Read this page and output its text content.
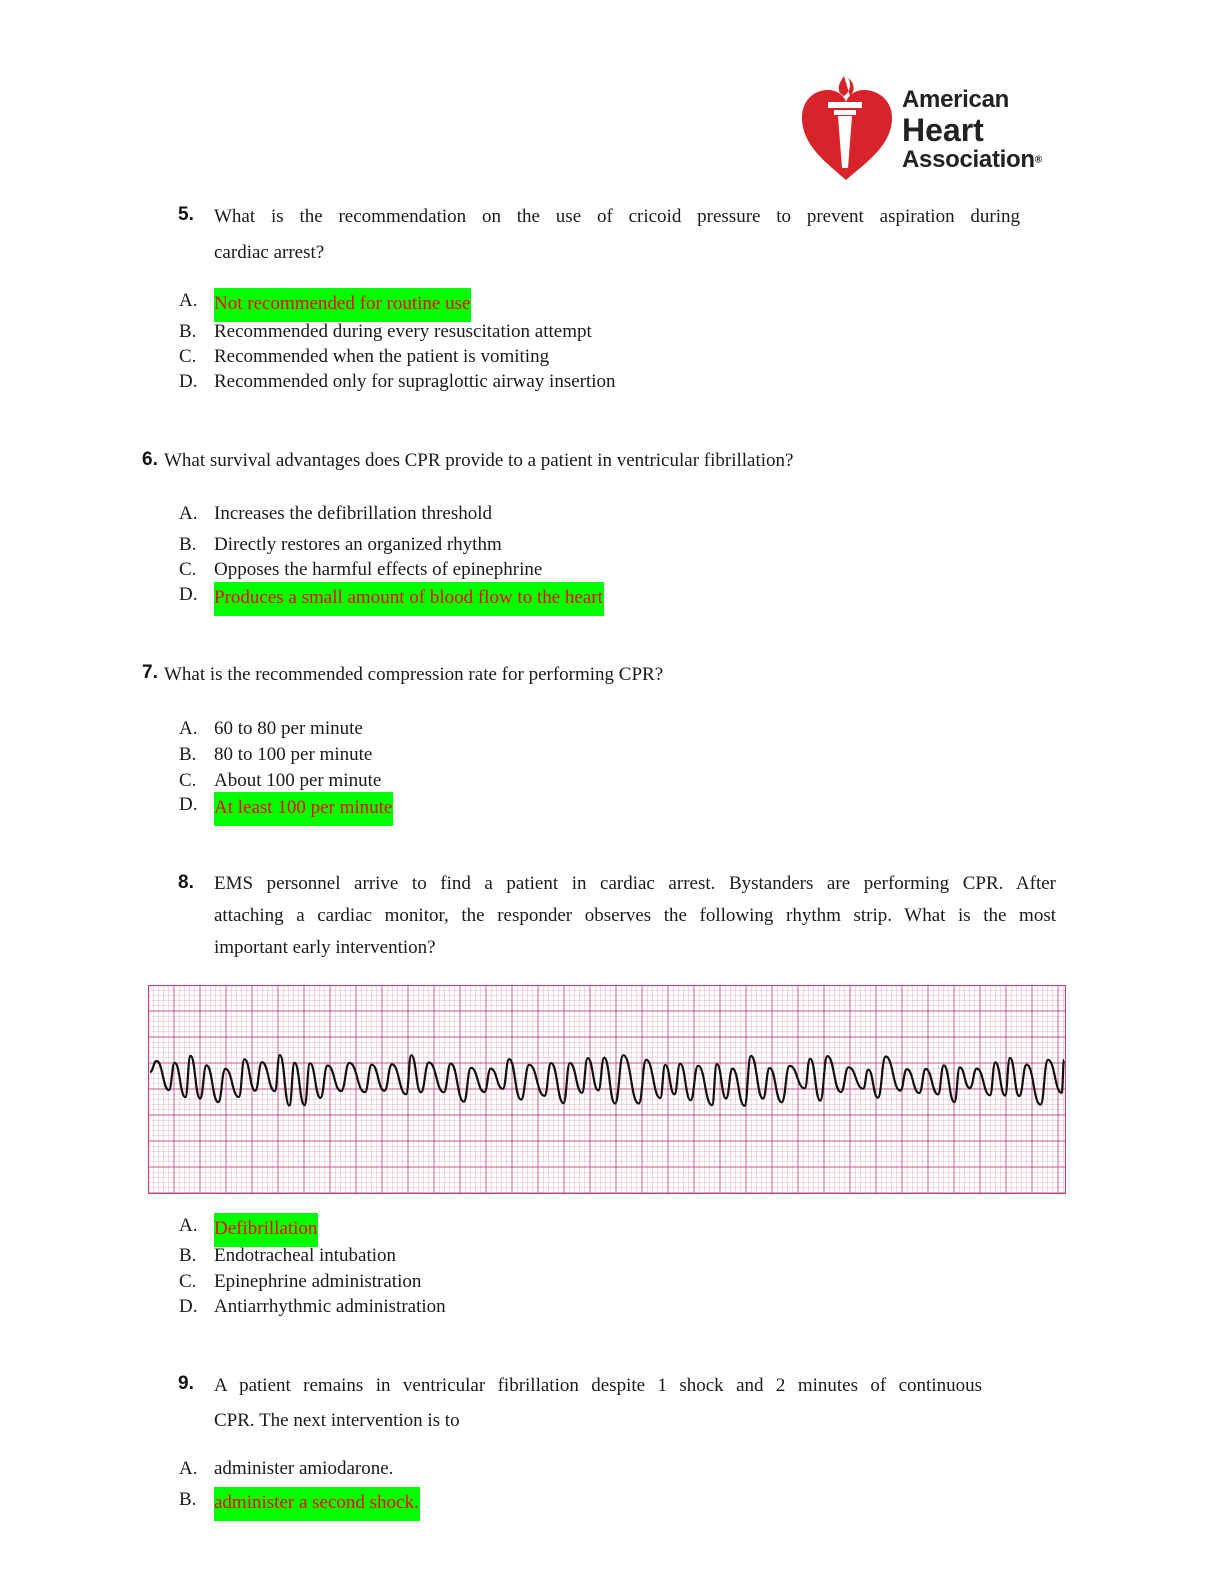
American
Heart
Association®
5. What is the recommendation on the use of cricoid pressure to prevent aspiration during
cardiac arrest?
A. Not recommended for routine use
B. Recommended during every resuscitation attempt
C. Recommended when the patient is vomiting
D. Recommended only for supraglottic airway insertion
6. What survival advantages does CPR provide to a patient in ventricular fibrillation?
A. Increases the defibrillation threshold
B. Directly restores an organized rhythm
C. Opposes the harmful effects of epinephrine
D. Produces a small amount of blood flow to the heart
7. What is the recommended compression rate for performing CPR?
A. 60 to 80 per minute
B. 80 to 100 per minute
C. About 100 per minute
D. At least 100 per minute
8. EMS personnel arrive to find a patient in cardiac arrest. Bystanders are performing CPR. After
attaching a cardiac monitor, the responder observes the following rhythm strip. What is the most
important early intervention?
A. Defibrillation
B. Endotracheal intubation
C. Epinephrine administration
D. Antiarrhythmic administration
9. A patient remains in ventricular fibrillation despite 1 shock and 2 minutes of continuous
CPR. The next intervention is to
A. administer amiodarone.
B. administer a second shock.
